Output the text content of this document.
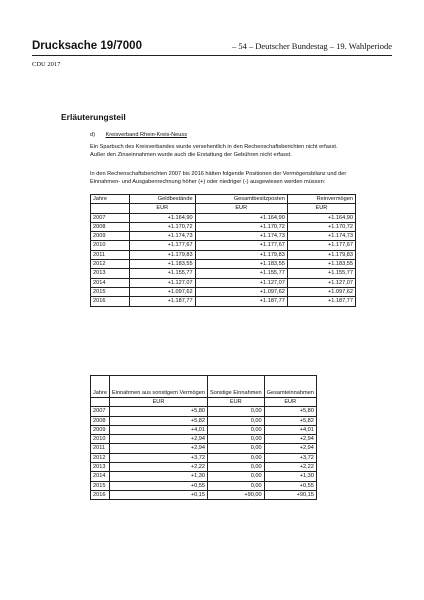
Drucksache 19/7000	– 54 – Deutscher Bundestag – 19. Wahlperiode
CDU 2017
Erläuterungsteil
d) Kreisverband Rhein-Kreis-Neuss
Ein Sparbuch des Kreisverbandes wurde versehentlich in den Rechenschaftsberichten nicht erfasst. Außer den Zinseinnahmen wurde auch die Erstattung der Gebühren nicht erfasst.
In den Rechenschaftsberichten 2007 bis 2016 hätten folgende Positionen der Vermögensbilanz und der Einnahmen- und Ausgabenrechnung höher (+) oder niedriger (-) ausgewiesen werden müssen:
Jahre	Geldbestände	Gesamtbesitzposten	Reinvermögen
	EUR	EUR	EUR
2007	+1.164,90	+1.164,90	+1.164,90
2008	+1.170,72	+1.170,72	+1.170,72
2009	+1.174,73	+1.174,73	+1.174,73
2010	+1.177,67	+1.177,67	+1.177,67
2011	+1.179,83	+1.179,83	+1.179,83
2012	+1.183,55	+1.183,55	+1.183,55
2013	+1.155,77	+1.155,77	+1.155,77
2014	+1.127,07	+1.127,07	+1.127,07
2015	+1.097,62	+1.097,62	+1.097,62
2016	+1.187,77	+1.187,77	+1.187,77
Jahre	Einnahmen aus sonstigem Vermögen	Sonstige Einnahmen	Gesamteinnahmen
	EUR	EUR	EUR
2007	+5,80	0,00	+5,80
2008	+5,82	0,00	+5,82
2009	+4,01	0,00	+4,01
2010	+2,94	0,00	+2,94
2011	+2,94	0,00	+2,94
2012	+3,72	0,00	+3,72
2013	+2,22	0,00	+2,22
2014	+1,30	0,00	+1,30
2015	+0,55	0,00	+0,55
2016	+0,15	+90,00	+90,15
